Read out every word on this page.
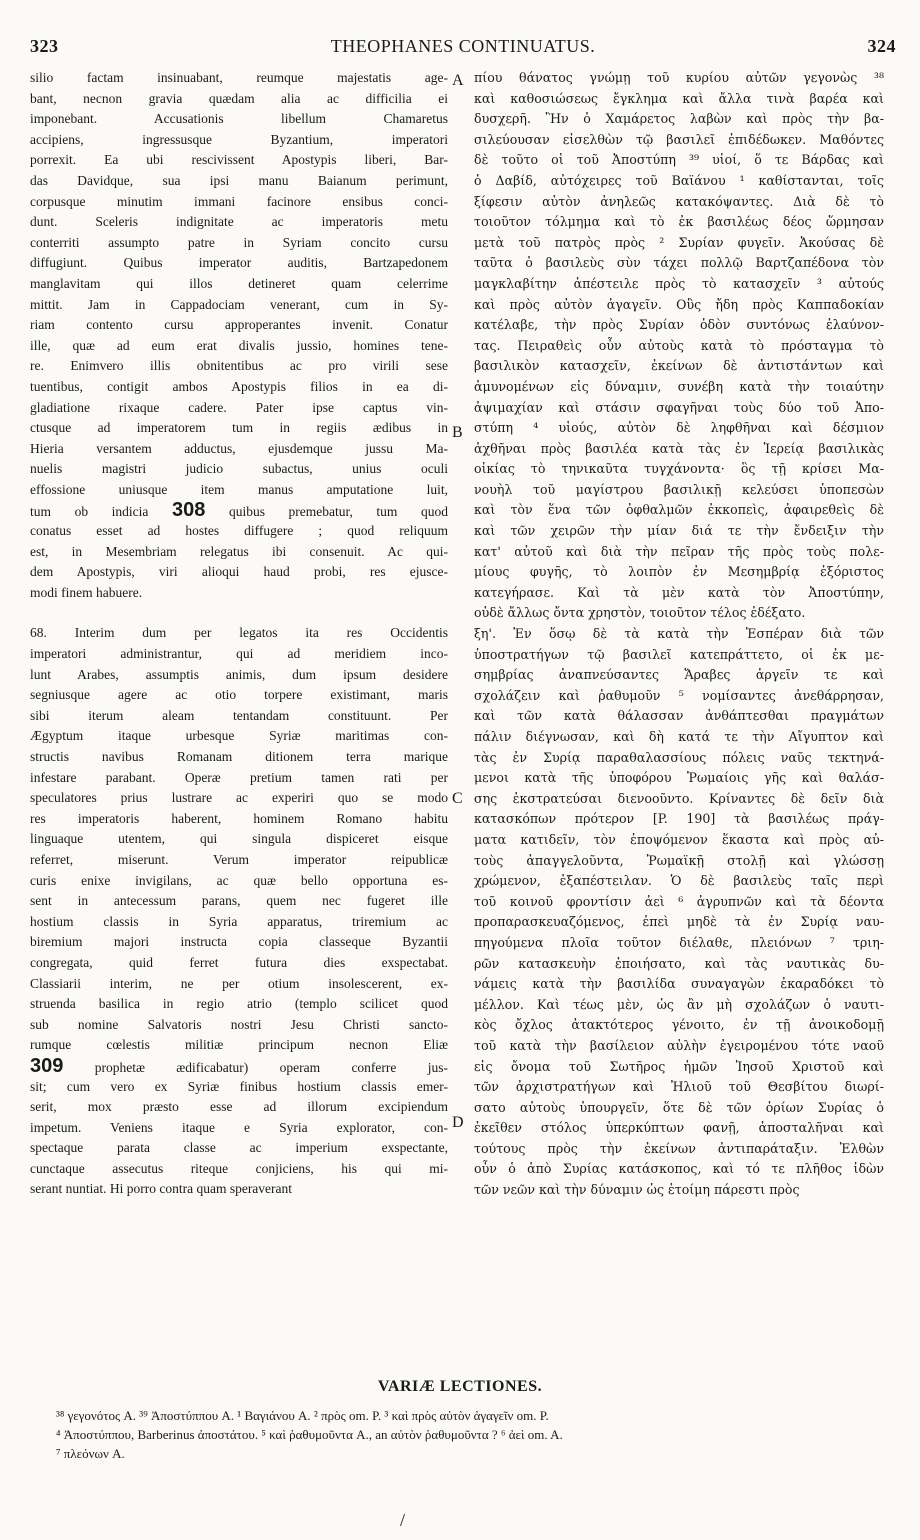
323	THEOPHANES CONTINUATUS.	324
silio factam insinuabant, reumque majestatis age-
bant, necnon gravia quædam alia ac difficilia ei
imponebant. Accusationis libellum Chamaretus
accipiens, ingressusque Byzantium, imperatori
porrexit. Ea ubi rescivissent Apostypis liberi, Bar-
das Davidque, sua ipsi manu Baianum perimunt,
corpusque minutim immani facinore ensibus conci-
dunt. Sceleris indignitate ac imperatoris metu
conterriti assumpto patre in Syriam concito cursu
diffugiunt. Quibus imperator auditis, Bartzapedonem
manglavitam qui illos detineret quam celerrime
mittit. Jam in Cappadociam venerant, cum in Sy-
riam contento cursu approperantes invenit. Conatur
ille, quæ ad eum erat divalis jussio, homines tene-
re. Enimvero illis obnitentibus ac pro virili sese
tuentibus, contigit ambos Apostypis filios in ea di-
gladiatione rixaque cadere. Pater ipse captus vin-
ctusque ad imperatorem tum in regiis ædibus in
Hieria versantem adductus, ejusdemque jussu Ma-
nuelis magistri judicio subactus, unius oculi
effossione uniusque item manus amputatione luit,
tum ob indicia 308 quibus premebatur, tum quod
conatus esset ad hostes diffugere ; quod reliquum
est, in Mesembriam relegatus ibi consenuit. Ac qui-
dem Apostypis, viri alioqui haud probi, res ejusce-
modi finem habuere.
68. Interim dum per legatos ita res Occidentis
imperatori administrantur, qui ad meridiem inco-
lunt Arabes, assumptis animis, dum ipsum desidere
segniusque agere ac otio torpere existimant, maris
sibi iterum aleam tentandam constituunt. Per
Ægyptum itaque urbesque Syriæ maritimas con-
structis navibus Romanam ditionem terra marique
infestare parabant. Operæ pretium tamen rati per
speculatores prius lustrare ac experiri quo se modo
res imperatoris haberent, hominem Romano habitu
linguaque utentem, qui singula dispiceret eisque
referret, miserunt. Verum imperator reipublicæ
curis enixe invigilans, ac quæ bello opportuna es-
sent in antecessum parans, quem nec fugeret ille
hostium classis in Syria apparatus, triremium ac
biremium majori instructa copia classeque Byzantii
congregata, quid ferret futura dies exspectabat.
Classiarii interim, ne per otium insolescerent, ex-
struenda basilica in regio atrio (templo scilicet quod
sub nomine Salvatoris nostri Jesu Christi sancto-
rumque cœlestis militiæ principum necnon Eliæ
309 prophetæ ædificabatur) operam conferre jus-
sit; cum vero ex Syriæ finibus hostium classis emer-
serit, mox præsto esse ad illorum excipiendum
impetum. Veniens itaque e Syria explorator, con-
spectaque parata classe ac imperium exspectante,
cunctaque assecutus riteque conjiciens, his qui mi-
serant nuntiat. Hi porro contra quam speraverant
πίου θάνατος γνώμῃ τοῦ κυρίου αὐτῶν γεγονὼς ³⁸
καὶ καθοσιώσεως ἔγκλημα καὶ ἄλλα τινὰ βαρέα καὶ
δυσχερῆ. Ἣν ὁ Χαμάρετος λαβὼν καὶ πρὸς τὴν βα-
σιλεύουσαν εἰσελθὼν τῷ βασιλεῖ ἐπιδέδωκεν. Μαθόντες
δὲ τοῦτο οἱ τοῦ Ἀποστύπη ³⁹ υἱοί, ὅ τε Βάρδας καὶ
ὁ Δαβίδ, αὐτόχειρες τοῦ Βαϊάνου ¹ καθίστανται, τοῖς
ξίφεσιν αὐτὸν ἀνηλεῶς κατακόψαντες. Διὰ δὲ τὸ
τοιοῦτον τόλμημα καὶ τὸ ἐκ βασιλέως δέος ὥρμησαν
μετὰ τοῦ πατρὸς πρὸς ² Συρίαν φυγεῖν. Ἀκούσας δὲ
ταῦτα ὁ βασιλεὺς σὺν τάχει πολλῷ Βαρτζαπέδονα τὸν
μαγκλαβίτην ἀπέστειλε πρὸς τὸ κατασχεῖν ³ αὐτούς
καὶ πρὸς αὐτὸν ἀγαγεῖν. Οὓς ἤδη πρὸς Καππαδοκίαν
κατέλαβε, τὴν πρὸς Συρίαν ὁδὸν συντόνως ἐλαύνον-
τας. Πειραθεὶς οὖν αὐτοὺς κατὰ τὸ πρόσταγμα τὸ
βασιλικὸν κατασχεῖν, ἐκείνων δὲ ἀντιστάντων καὶ
ἀμυνομένων εἰς δύναμιν, συνέβη κατὰ τὴν τοιαύτην
ἀψιμαχίαν καὶ στάσιν σφαγῆναι τοὺς δύο τοῦ Ἀπο-
στύπη ⁴ υἱούς, αὐτὸν δὲ ληφθῆναι καὶ δέσμιον
ἀχθῆναι πρὸς βασιλέα κατὰ τὰς ἐν Ἱερείᾳ βασιλικὰς
οἰκίας τὸ τηνικαῦτα τυγχάνοντα· ὃς τῇ κρίσει Μα-
νουὴλ τοῦ μαγίστρου βασιλικῇ κελεύσει ὑποπεσὼν
καὶ τὸν ἕνα τῶν ὀφθαλμῶν ἐκκοπεὶς, ἀφαιρεθεὶς δὲ
καὶ τῶν χειρῶν τὴν μίαν διά τε τὴν ἔνδειξιν τὴν
κατ' αὐτοῦ καὶ διὰ τὴν πεῖραν τῆς πρὸς τοὺς πολε-
μίους φυγῆς, τὸ λοιπὸν ἐν Μεσημβρίᾳ ἐξόριστος
κατεγήρασε. Καὶ τὰ μὲν κατὰ τὸν Ἀποστύπην,
οὐδὲ ἄλλως ὄντα χρηστὸν, τοιοῦτον τέλος ἐδέξατο.
ξη'. Ἐν ὅσῳ δὲ τὰ κατὰ τὴν Ἑσπέραν διὰ τῶν
ὑποστρατήγων τῷ βασιλεῖ κατεπράττετο, οἱ ἐκ με-
σημβρίας ἀναπνεύσαντες Ἄραβες ἀργεῖν τε καὶ
σχολάζειν καὶ ῥαθυμοῦν ⁵ νομίσαντες ἀνεθάρρησαν,
καὶ τῶν κατὰ θάλασσαν ἀνθάπτεσθαι πραγμάτων
πάλιν διέγνωσαν, καὶ δὴ κατά τε τὴν Αἴγυπτον καὶ
τὰς ἐν Συρίᾳ παραθαλασσίους πόλεις ναῦς τεκτηνά-
μενοι κατὰ τῆς ὑποφόρου Ῥωμαίοις γῆς καὶ θαλάσ-
σης ἐκστρατεύσαι διενοοῦντο. Κρίναντες δὲ δεῖν διὰ
κατασκόπων πρότερον [P. 190] τὰ βασιλέως πράγ-
ματα κατιδεῖν, τὸν ἐποψόμενον ἕκαστα καὶ πρὸς αὐ-
τοὺς ἀπαγγελοῦντα, Ῥωμαϊκῇ στολῇ καὶ γλώσσῃ
χρώμενον, ἐξαπέστειλαν. Ὁ δὲ βασιλεὺς ταῖς περὶ
τοῦ κοινοῦ φροντίσιν ἀεὶ ⁶ ἀγρυπνῶν καὶ τὰ δέοντα
προπαρασκευαζόμενος, ἐπεὶ μηδὲ τὰ ἐν Συρίᾳ ναυ-
πηγούμενα πλοῖα τοῦτον διέλαθε, πλειόνων ⁷ τριη-
ρῶν κατασκευὴν ἐποιήσατο, καὶ τὰς ναυτικὰς δυ-
νάμεις κατὰ τὴν βασιλίδα συναγαγὼν ἐκαραδόκει τὸ
μέλλον. Καὶ τέως μὲν, ὡς ἂν μὴ σχολάζων ὁ ναυτι-
κὸς ὄχλος ἀτακτότερος γένοιτο, ἐν τῇ ἀνοικοδομῇ
τοῦ κατὰ τὴν βασίλειον αὐλὴν ἐγειρομένου τότε ναοῦ
εἰς ὄνομα τοῦ Σωτῆρος ἡμῶν Ἰησοῦ Χριστοῦ καὶ
τῶν ἀρχιστρατήγων καὶ Ἠλιοῦ τοῦ Θεσβίτου διωρί-
σατο αὐτοὺς ὑπουργεῖν, ὅτε δὲ τῶν ὁρίων Συρίας ὁ
ἐκεῖθεν στόλος ὑπερκύπτων φανῇ, ἀποσταλῆναι καὶ
τούτους πρὸς τὴν ἐκείνων ἀντιπαράταξιν. Ἐλθὼν
οὖν ὁ ἀπὸ Συρίας κατάσκοπος, καὶ τό τε πλῆθος ἰδὼν
τῶν νεῶν καὶ τὴν δύναμιν ὡς ἑτοίμη πάρεστι πρὸς
A
B
C
D
VARIÆ LECTIONES.
³⁸ γεγονότος A. ³⁹ Ἀποστύππου A. ¹ Βαγιάνου A. ² πρὸς om. P. ³ καὶ πρὸς αὐτὸν ἀγαγεῖν om. P.
⁴ Ἀποστύππου, Barberinus ἀποστάτου. ⁵ καὶ ῥαθυμοῦντα A., an αὐτὸν ῥαθυμοῦντα ? ⁶ ἀεὶ om. A.
⁷ πλεόνων A.
/
